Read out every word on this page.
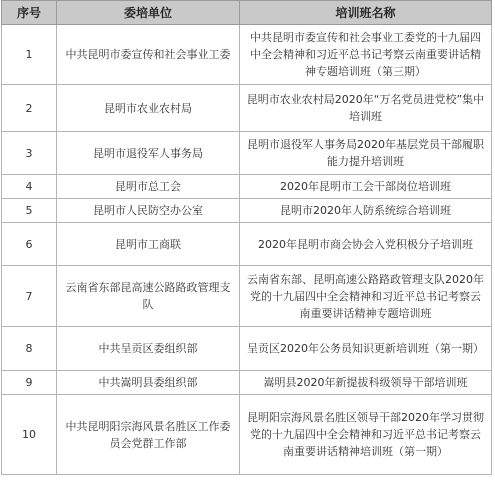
序号	委培单位	培训班名称
1	中共昆明市委宣传和社会事业工委	中共昆明市委宣传和社会事业工委党的十九届四中全会精神和习近平总书记考察云南重要讲话精神专题培训班（第三期）
2	昆明市农业农村局	昆明市农业农村局2020年“万名党员进党校”集中培训班
3	昆明市退役军人事务局	昆明市退役军人事务局2020年基层党员干部履职能力提升培训班
4	昆明市总工会	2020年昆明市工会干部岗位培训班
5	昆明市人民防空办公室	昆明市2020年人防系统综合培训班
6	昆明市工商联	2020年昆明市商会协会入党积极分子培训班
7	云南省东部昆高速公路路政管理支队	云南省东部、昆明高速公路路政管理支队2020年党的十九届四中全会精神和习近平总书记考察云南重要讲话精神专题培训班
8	中共呈贡区委组织部	呈贡区2020年公务员知识更新培训班（第一期）
9	中共嵩明县委组织部	嵩明县2020年新提拔科级领导干部培训班
10	中共昆明阳宗海风景名胜区工作委员会党群工作部	昆明阳宗海风景名胜区领导干部2020年学习贯彻党的十九届四中全会精神和习近平总书记考察云南重要讲话精神培训班（第一期）
